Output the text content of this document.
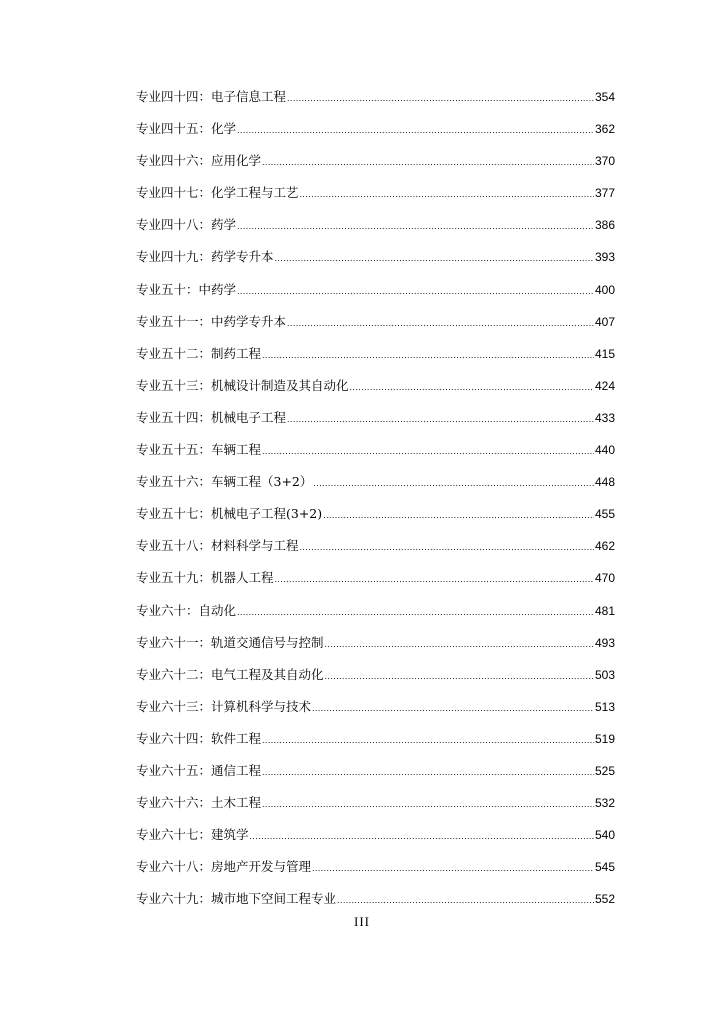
专业四十四：电子信息工程 .....	354
专业四十五：化学 .....	362
专业四十六：应用化学 .....	370
专业四十七：化学工程与工艺 .....	377
专业四十八：药学 .....	386
专业四十九：药学专升本 .....	393
专业五十：中药学 .....	400
专业五十一：中药学专升本 .....	407
专业五十二：制药工程 .....	415
专业五十三：机械设计制造及其自动化 .....	424
专业五十四：机械电子工程 .....	433
专业五十五：车辆工程 .....	440
专业五十六：车辆工程（3+2） .....	448
专业五十七：机械电子工程(3+2) .....	455
专业五十八：材料科学与工程 .....	462
专业五十九：机器人工程 .....	470
专业六十：自动化 .....	481
专业六十一：轨道交通信号与控制 .....	493
专业六十二：电气工程及其自动化 .....	503
专业六十三：计算机科学与技术 .....	513
专业六十四：软件工程 .....	519
专业六十五：通信工程 .....	525
专业六十六：土木工程 .....	532
专业六十七：建筑学 .....	540
专业六十八：房地产开发与管理 .....	545
专业六十九：城市地下空间工程专业 .....	552
III
